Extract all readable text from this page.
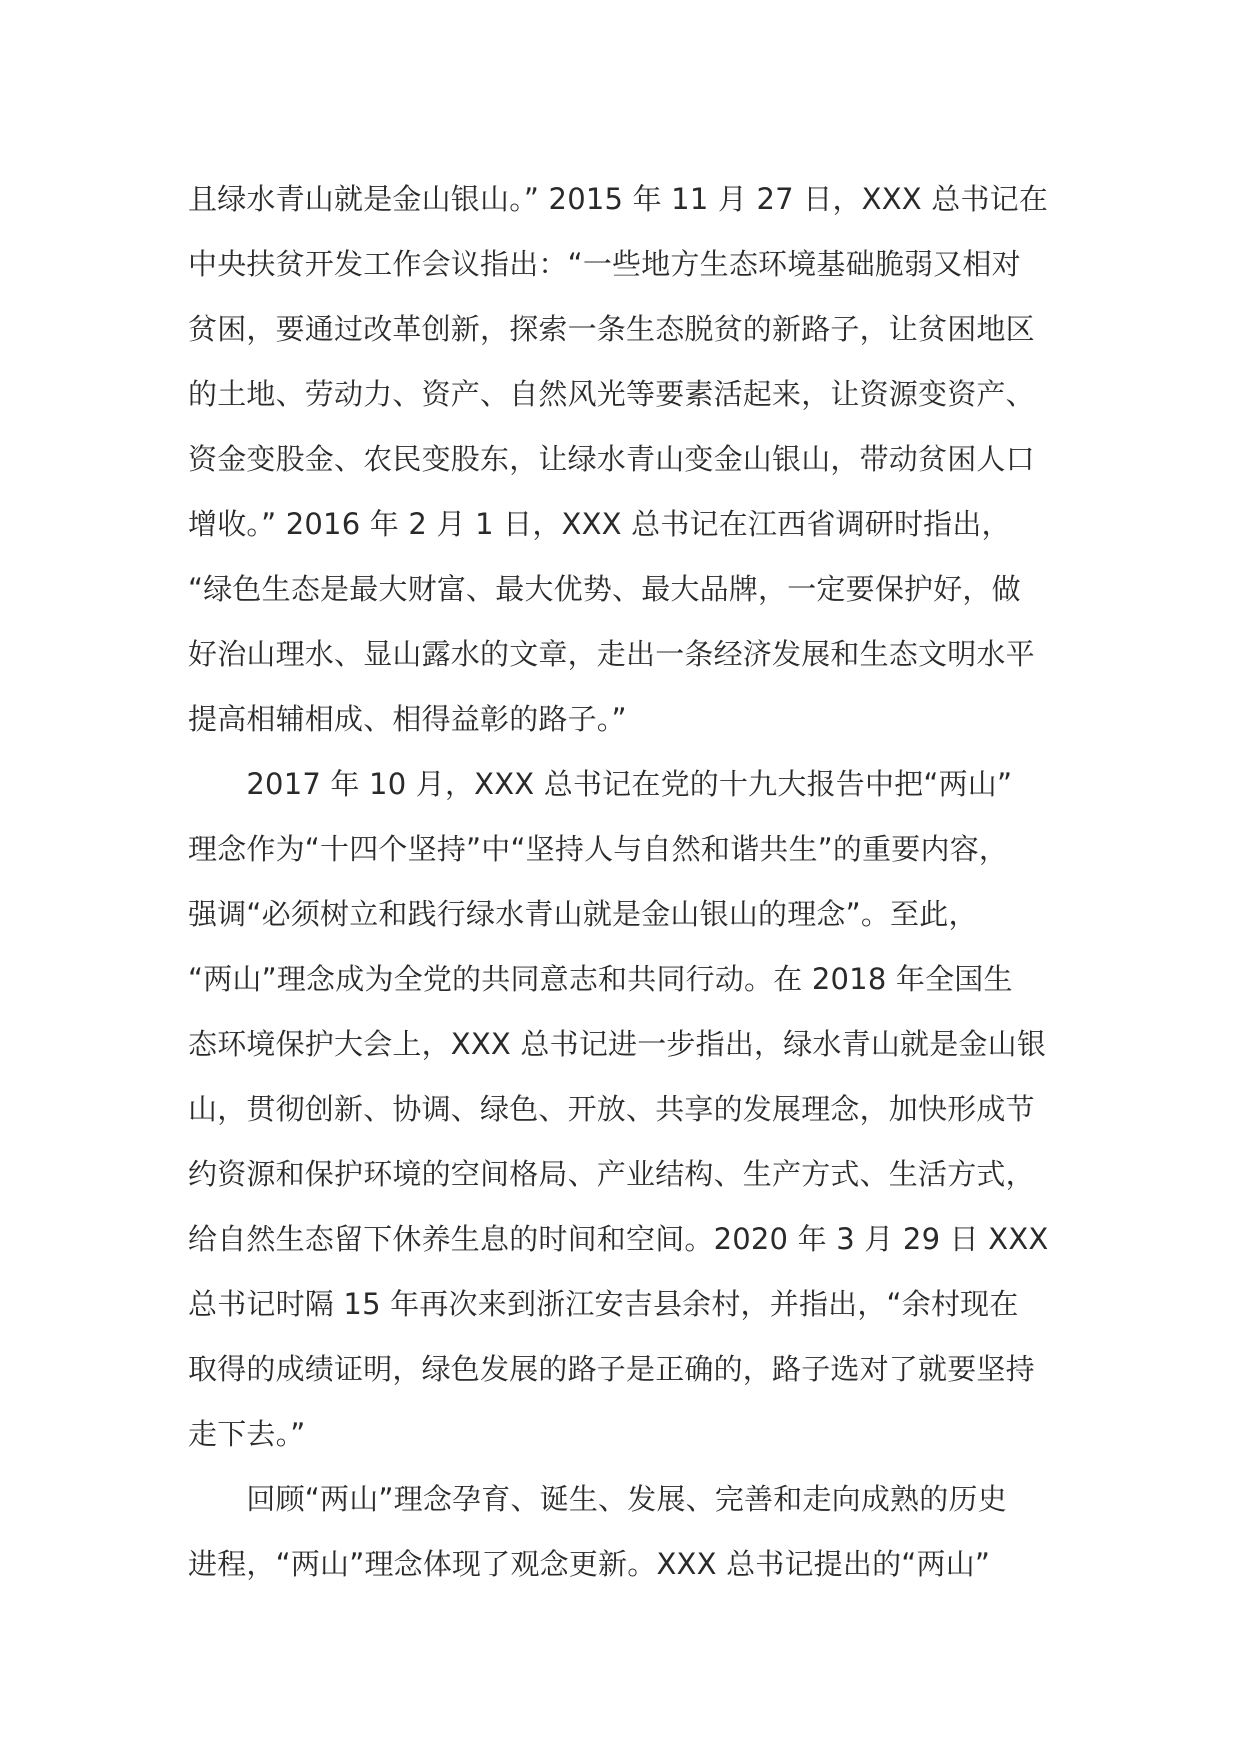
且绿水青山就是金山银山。” 2015 年 11 月 27 日，XXX 总书记在
中央扶贫开发工作会议指出：“一些地方生态环境基础脆弱又相对
贫困，要通过改革创新，探索一条生态脱贫的新路子，让贫困地区
的土地、劳动力、资产、自然风光等要素活起来，让资源变资产、
资金变股金、农民变股东，让绿水青山变金山银山，带动贫困人口
增收。” 2016 年 2 月 1 日，XXX 总书记在江西省调研时指出，
“绿色生态是最大财富、最大优势、最大品牌，一定要保护好，做
好治山理水、显山露水的文章，走出一条经济发展和生态文明水平
提高相辅相成、相得益彰的路子。”
　　2017 年 10 月，XXX 总书记在党的十九大报告中把“两山”
理念作为“十四个坚持”中“坚持人与自然和谐共生”的重要内容，
强调“必须树立和践行绿水青山就是金山银山的理念”。至此，
“两山”理念成为全党的共同意志和共同行动。在 2018 年全国生
态环境保护大会上，XXX 总书记进一步指出，绿水青山就是金山银
山，贯彻创新、协调、绿色、开放、共享的发展理念，加快形成节
约资源和保护环境的空间格局、产业结构、生产方式、生活方式，
给自然生态留下休养生息的时间和空间。2020 年 3 月 29 日 XXX
总书记时隔 15 年再次来到浙江安吉县余村，并指出，“余村现在
取得的成绩证明，绿色发展的路子是正确的，路子选对了就要坚持
走下去。”
　　回顾“两山”理念孕育、诞生、发展、完善和走向成熟的历史
进程，“两山”理念体现了观念更新。XXX 总书记提出的“两山”
